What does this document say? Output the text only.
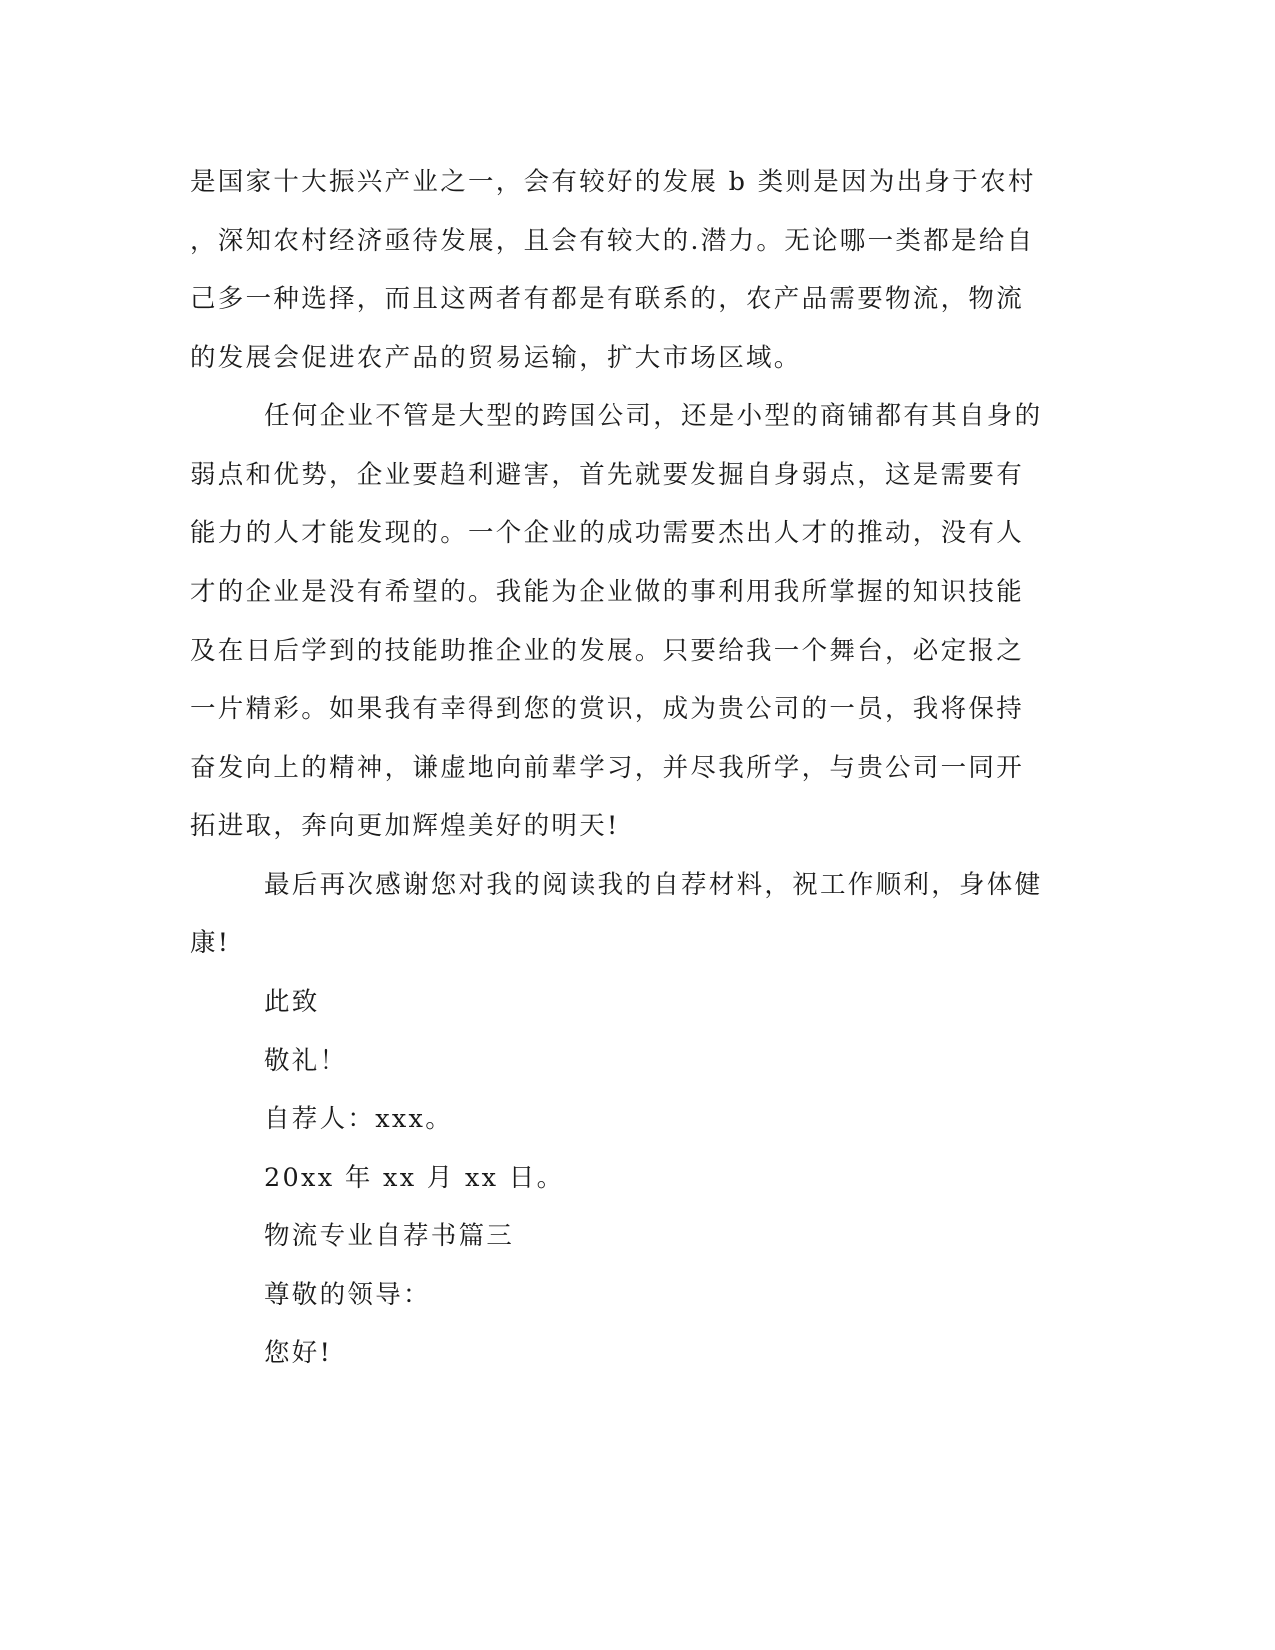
是国家十大振兴产业之一，会有较好的发展 b 类则是因为出身于农村

，深知农村经济亟待发展，且会有较大的.潜力。无论哪一类都是给自

己多一种选择，而且这两者有都是有联系的，农产品需要物流，物流

的发展会促进农产品的贸易运输，扩大市场区域。

任何企业不管是大型的跨国公司，还是小型的商铺都有其自身的

弱点和优势，企业要趋利避害，首先就要发掘自身弱点，这是需要有

能力的人才能发现的。一个企业的成功需要杰出人才的推动，没有人

才的企业是没有希望的。我能为企业做的事利用我所掌握的知识技能

及在日后学到的技能助推企业的发展。只要给我一个舞台，必定报之

一片精彩。如果我有幸得到您的赏识，成为贵公司的一员，我将保持

奋发向上的精神，谦虚地向前辈学习，并尽我所学，与贵公司一同开

拓进取，奔向更加辉煌美好的明天!

最后再次感谢您对我的阅读我的自荐材料，祝工作顺利，身体健

康!

此致

敬礼！

自荐人：xxx。

20xx 年 xx 月 xx 日。

物流专业自荐书篇三

尊敬的领导：

您好!
